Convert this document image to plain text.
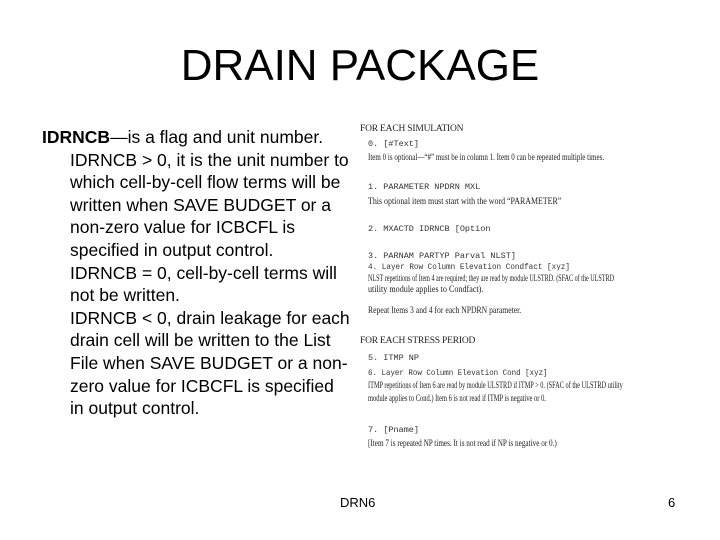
DRAIN PACKAGE

IDRNCB—is a flag and unit number.

IDRNCB > 0, it is the unit number to which cell-by-cell flow terms will be written when SAVE BUDGET or a non-zero value for ICBCFL is specified in output control.

IDRNCB = 0, cell-by-cell terms will not be written.

IDRNCB < 0, drain leakage for each drain cell will be written to the List File when SAVE BUDGET or a non-zero value for ICBCFL is specified in output control.

FOR EACH SIMULATION
0. [#Text]
Item 0 is optional—“#” must be in column 1. Item 0 can be repeated multiple times.
1. PARAMETER NPDRN MXL
This optional item must start with the word “PARAMETER”
2. MXACTD IDRNCB [Option
3. PARNAM PARTYP Parval NLST]
4. Layer Row Column Elevation Condfact [xyz]
NLST repetitions of Item 4 are required; they are read by module ULSTRD. (SFAC of the ULSTRD
utility module applies to Condfact).
Repeat Items 3 and 4 for each NPDRN parameter.
FOR EACH STRESS PERIOD
5. ITMP NP
6. Layer Row Column Elevation Cond [xyz]
ITMP repetitions of Item 6 are read by module ULSTRD if ITMP > 0. (SFAC of the ULSTRD utility
module applies to Cond.) Item 6 is not read if ITMP is negative or 0.
7. [Pname]
[Item 7 is repeated NP times. It is not read if NP is negative or 0.)
DRN6	6
